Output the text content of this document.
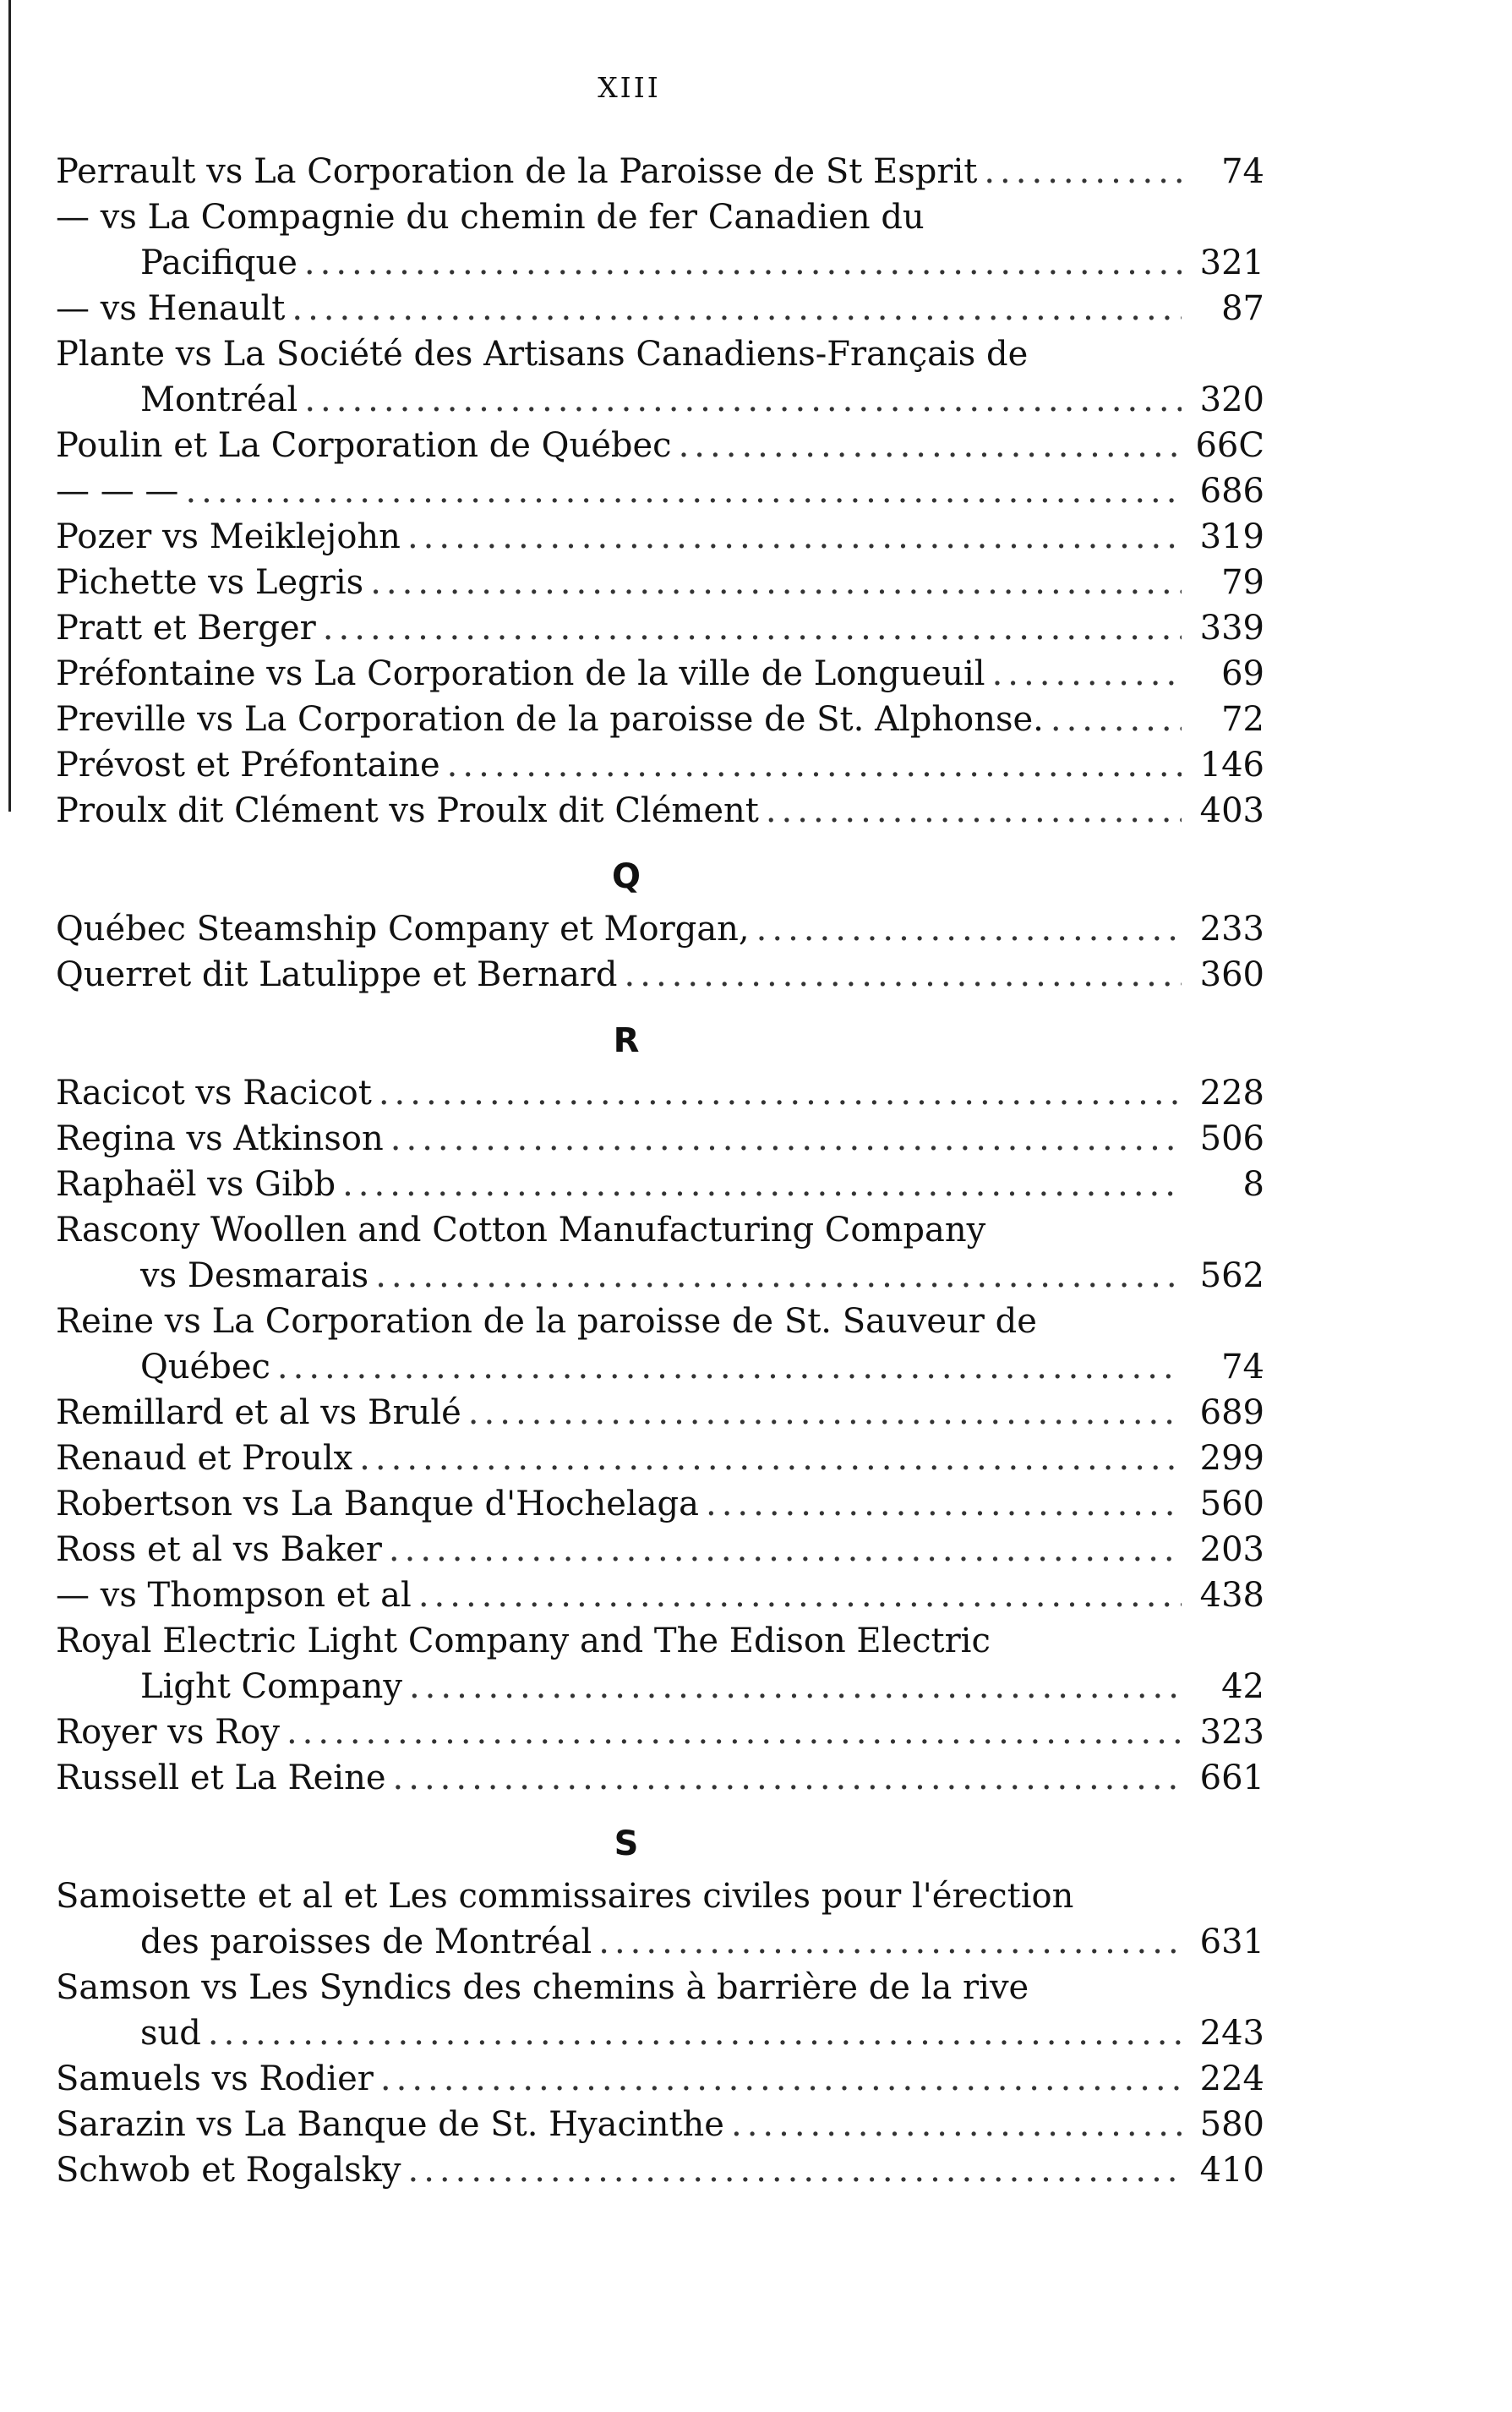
XIII
Perrault vs La Corporation de la Paroisse de St Esprit .....	74
— vs La Compagnie du chemin de fer Canadien du
Pacifique .....	321
— vs Henault .....	87
Plante vs La Société des Artisans Canadiens-Français de
Montréal .....	320
Poulin et La Corporation de Québec .....	66C
— — — .....	686
Pozer vs Meiklejohn .....	319
Pichette vs Legris .....	79
Pratt et Berger .....	339
Préfontaine vs La Corporation de la ville de Longueuil .....	69
Preville vs La Corporation de la paroisse de St. Alphonse. .....	72
Prévost et Préfontaine .....	146
Proulx dit Clément vs Proulx dit Clément .....	403
Q
Québec Steamship Company et Morgan, .....	233
Querret dit Latulippe et Bernard .....	360
R
Racicot vs Racicot .....	228
Regina vs Atkinson .....	506
Raphaël vs Gibb .....	8
Rascony Woollen and Cotton Manufacturing Company
vs Desmarais .....	562
Reine vs La Corporation de la paroisse de St. Sauveur de
Québec .....	74
Remillard et al vs Brulé .....	689
Renaud et Proulx .....	299
Robertson vs La Banque d'Hochelaga .....	560
Ross et al vs Baker .....	203
— vs Thompson et al .....	438
Royal Electric Light Company and The Edison Electric
Light Company .....	42
Royer vs Roy .....	323
Russell et La Reine .....	661
S
Samoisette et al et Les commissaires civiles pour l'érection
des paroisses de Montréal .....	631
Samson vs Les Syndics des chemins à barrière de la rive
sud .....	243
Samuels vs Rodier .....	224
Sarazin vs La Banque de St. Hyacinthe .....	580
Schwob et Rogalsky .....	410
